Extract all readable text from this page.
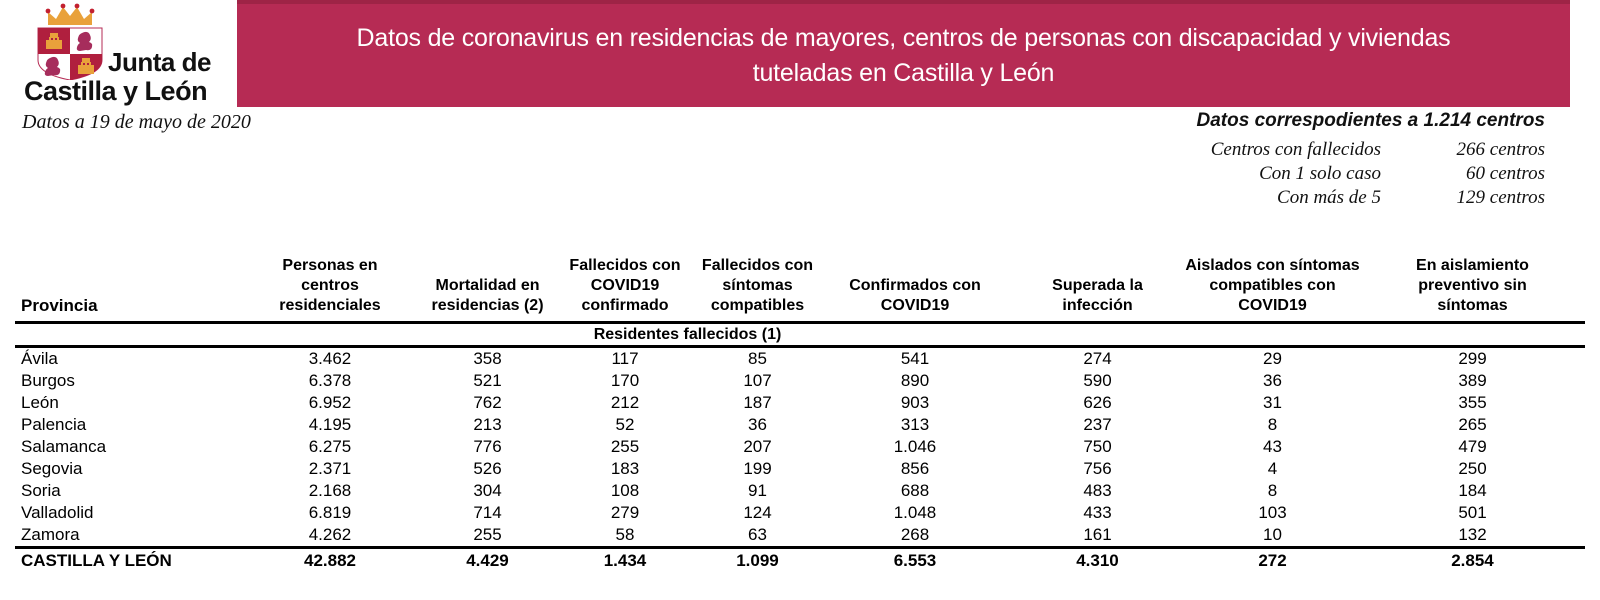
Junta de
Castilla y León
Datos de coronavirus en residencias de mayores, centros de personas con discapacidad y viviendas tuteladas en Castilla y León
Datos a 19 de mayo de 2020	Datos correspodientes a 1.214 centros
Centros con fallecidos	266 centros
Con 1 solo caso	60 centros
Con más de 5	129 centros
Provincia	Personas en centros residenciales	Mortalidad en residencias (2)	Fallecidos con COVID19 confirmado	Fallecidos con síntomas compatibles	Confirmados con COVID19	Superada la infección	Aislados con síntomas compatibles con COVID19	En aislamiento preventivo sin síntomas
			Residentes fallecidos (1)					
Ávila	3.462	358	117	85	541	274	29	299
Burgos	6.378	521	170	107	890	590	36	389
León	6.952	762	212	187	903	626	31	355
Palencia	4.195	213	52	36	313	237	8	265
Salamanca	6.275	776	255	207	1.046	750	43	479
Segovia	2.371	526	183	199	856	756	4	250
Soria	2.168	304	108	91	688	483	8	184
Valladolid	6.819	714	279	124	1.048	433	103	501
Zamora	4.262	255	58	63	268	161	10	132
CASTILLA Y LEÓN	42.882	4.429	1.434	1.099	6.553	4.310	272	2.854
